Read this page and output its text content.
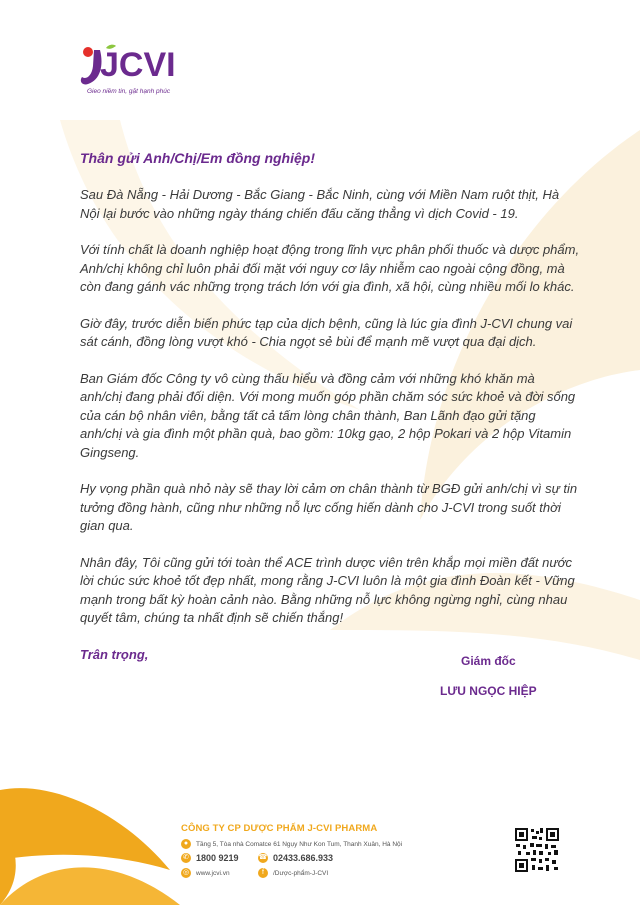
JCVI
Gieo niềm tin, gặt hạnh phúc

Thân gửi Anh/Chị/Em đồng nghiệp!

Sau Đà Nẵng - Hải Dương - Bắc Giang - Bắc Ninh, cùng với Miền Nam ruột thịt, Hà Nội lại bước vào những ngày tháng chiến đấu căng thẳng vì dịch Covid - 19.

Với tính chất là doanh nghiệp hoạt động trong lĩnh vực phân phối thuốc và dược phẩm, Anh/chị không chỉ luôn phải đối mặt với nguy cơ lây nhiễm cao ngoài cộng đồng, mà còn đang gánh vác những trọng trách lớn với gia đình, xã hội, cùng nhiều mối lo khác.

Giờ đây, trước diễn biến phức tạp của dịch bệnh, cũng là lúc gia đình J-CVI chung vai sát cánh, đồng lòng vượt khó - Chia ngọt sẻ bùi để mạnh mẽ vượt qua đại dịch.

Ban Giám đốc Công ty vô cùng thấu hiểu và đồng cảm với những khó khăn mà anh/chị đang phải đối diện. Với mong muốn góp phần chăm sóc sức khoẻ và đời sống của cán bộ nhân viên, bằng tất cả tấm lòng chân thành, Ban Lãnh đạo gửi tặng anh/chị và gia đình một phần quà, bao gồm: 10kg gạo, 2 hộp Pokari và 2 hộp Vitamin Gingseng.

Hy vọng phần quà nhỏ này sẽ thay lời cảm ơn chân thành từ BGĐ gửi anh/chị vì sự tin tưởng đồng hành, cũng như những nỗ lực cống hiến dành cho J-CVI trong suốt thời gian qua.

Nhân đây, Tôi cũng gửi tới toàn thể ACE trình dược viên trên khắp mọi miền đất nước lời chúc sức khoẻ tốt đẹp nhất, mong rằng J-CVI luôn là một gia đình Đoàn kết - Vững mạnh trong bất kỳ hoàn cảnh nào. Bằng những nỗ lực không ngừng nghỉ, cùng nhau quyết tâm, chúng ta nhất định sẽ chiến thắng!

Trân trọng,	Giám đốc
LƯU NGỌC HIỆP
CÔNG TY CP DƯỢC PHẨM J-CVI PHARMA
●	Tầng 5, Tòa nhà Comatce 61 Ngụy Như Kon Tum, Thanh Xuân, Hà Nội
✆ 1800 9219	☎ 02433.686.933
◎	www.jcvi.vn	f	/Dược-phẩm-J-CVI
